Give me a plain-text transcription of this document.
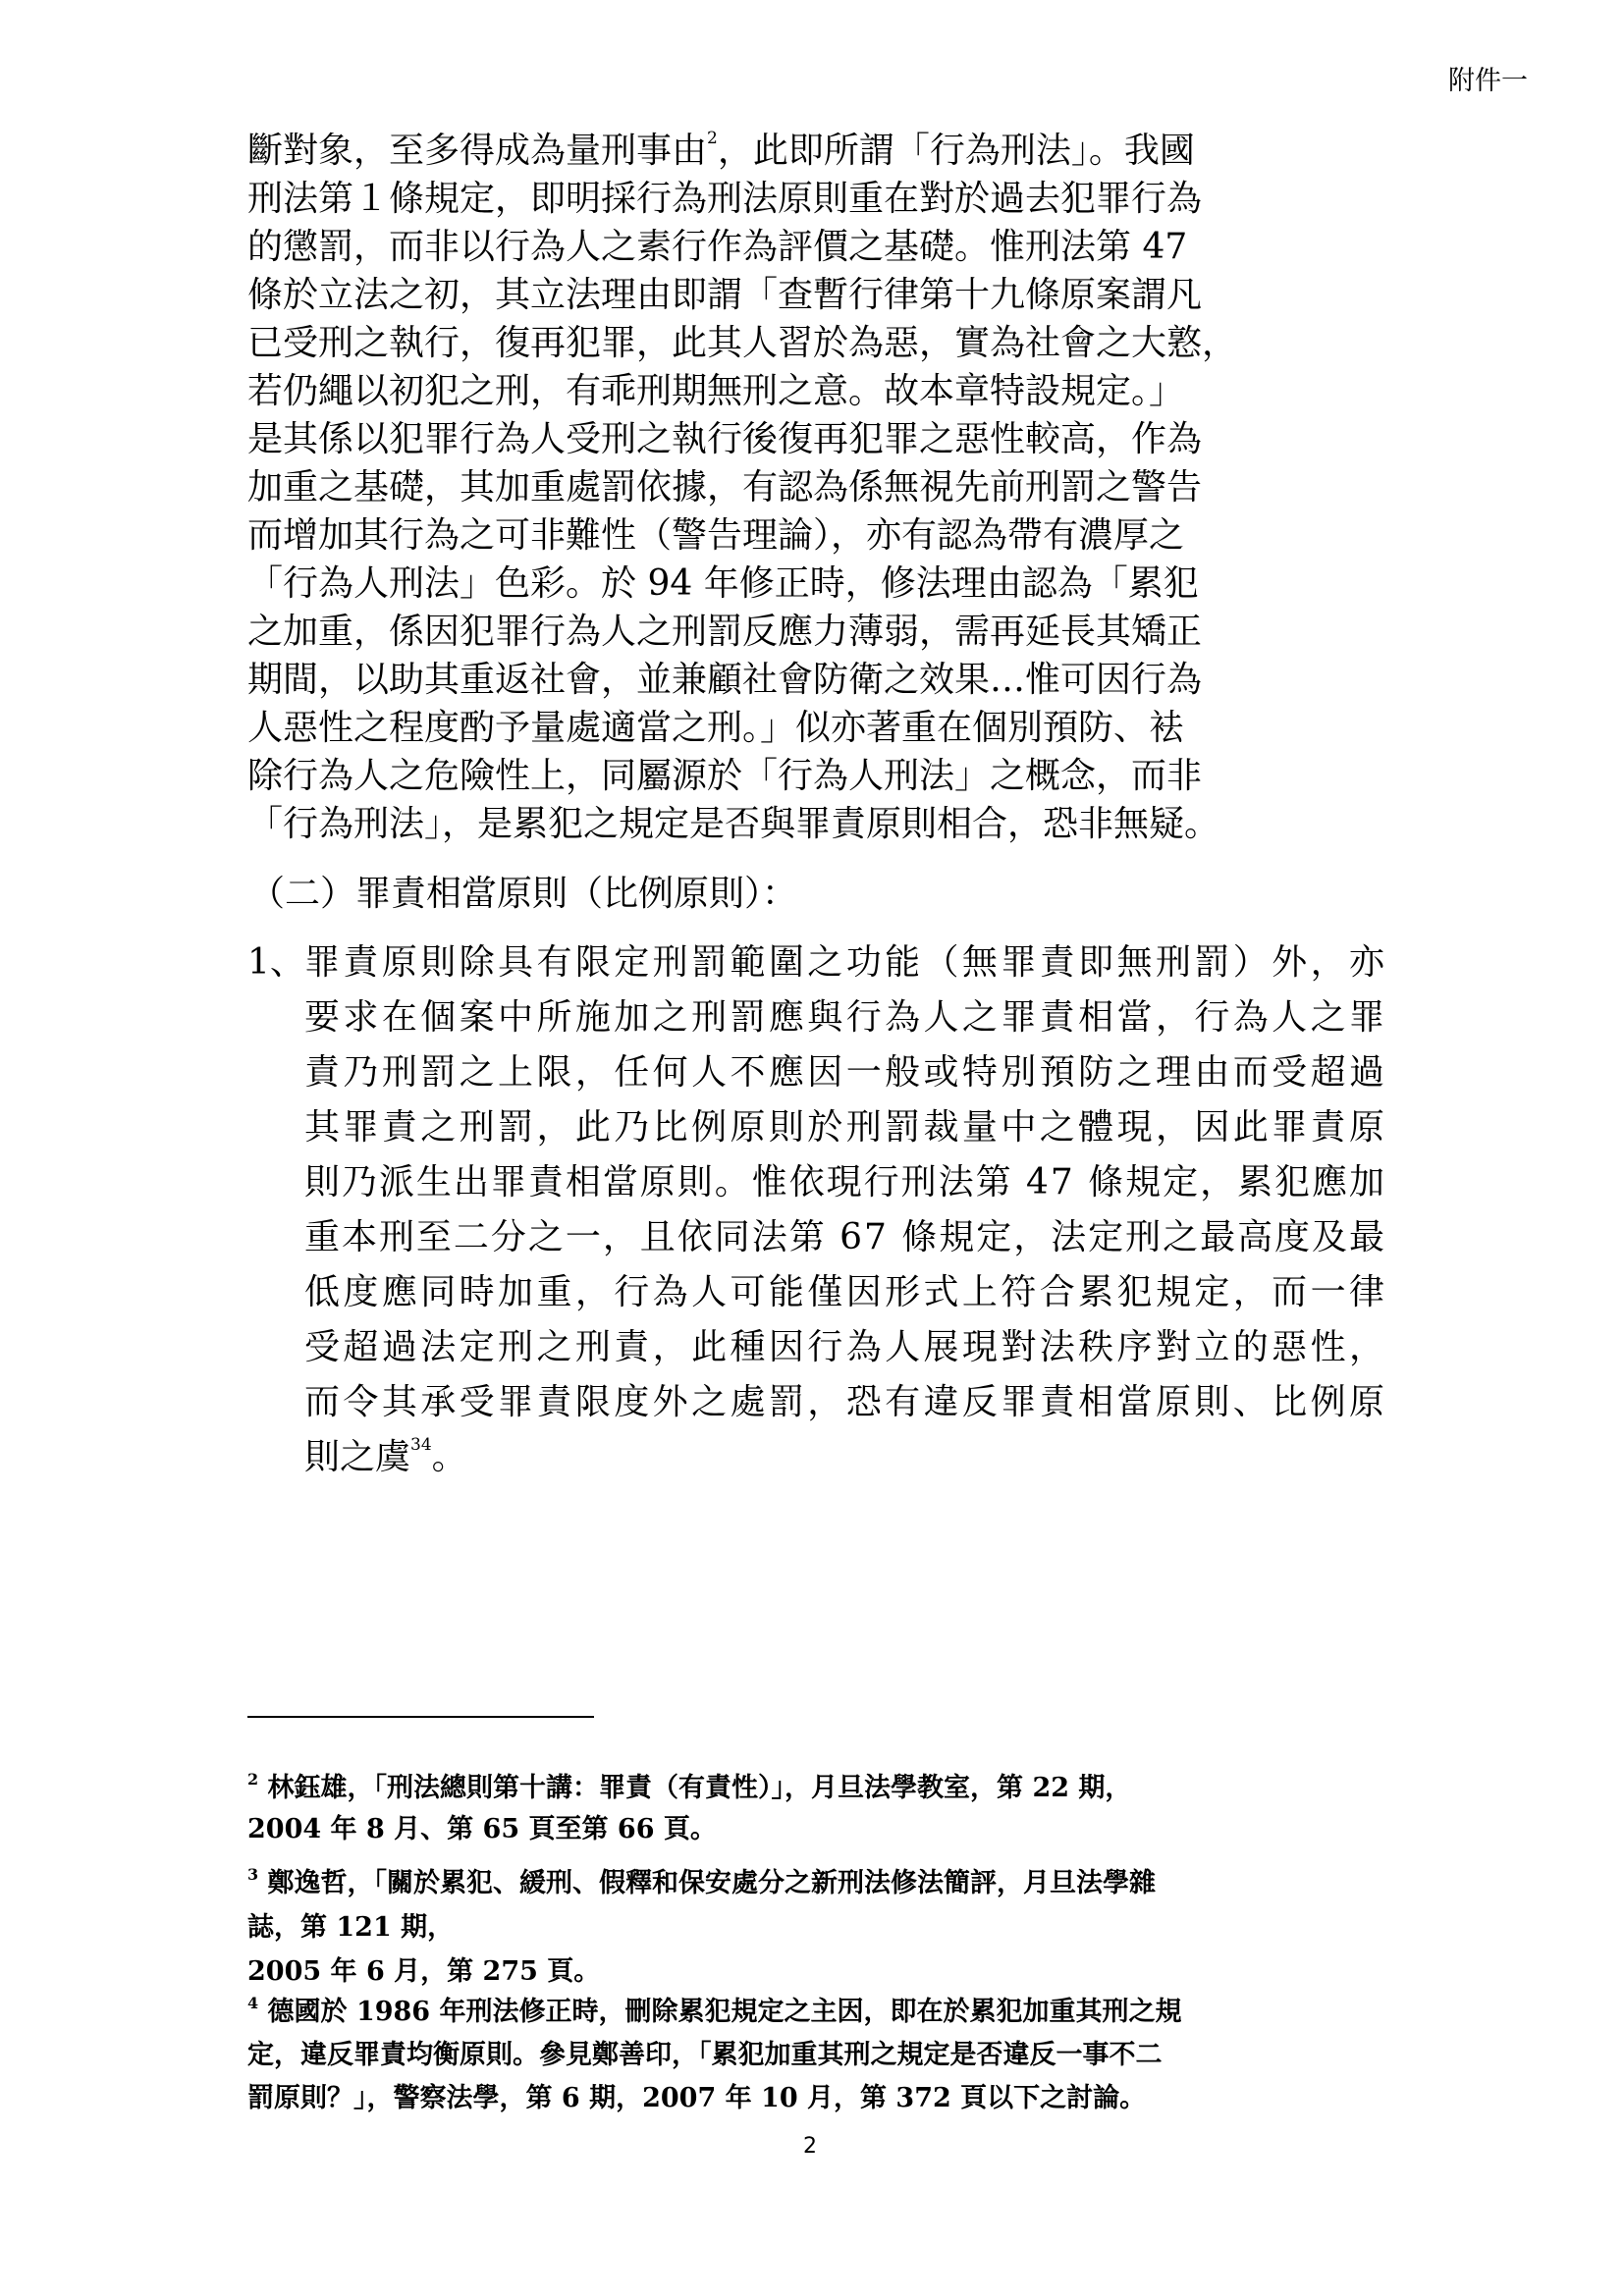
附件一
斷對象，至多得成為量刑事由$^2$，此即所謂「行為刑法」。我國
刑法第１條規定，即明採行為刑法原則重在對於過去犯罪行為
的懲罰，而非以行為人之素行作為評價之基礎。惟刑法第 47
條於立法之初，其立法理由即謂「查暫行律第十九條原案謂凡
已受刑之執行，復再犯罪，此其人習於為惡，實為社會之大憝，
若仍繩以初犯之刑，有乖刑期無刑之意。故本章特設規定。」
是其係以犯罪行為人受刑之執行後復再犯罪之惡性較高，作為
加重之基礎，其加重處罰依據，有認為係無視先前刑罰之警告
而增加其行為之可非難性（警告理論），亦有認為帶有濃厚之
「行為人刑法」色彩。於 94 年修正時，修法理由認為「累犯
之加重，係因犯罪行為人之刑罰反應力薄弱，需再延長其矯正
期間，以助其重返社會，並兼顧社會防衛之效果…惟可因行為
人惡性之程度酌予量處適當之刑。」似亦著重在個別預防、袪
除行為人之危險性上，同屬源於「行為人刑法」之概念，而非
「行為刑法」，是累犯之規定是否與罪責原則相合，恐非無疑。
（二）罪責相當原則（比例原則）：
1、 罪責原則除具有限定刑罰範圍之功能（無罪責即無刑罰）外，亦
要求在個案中所施加之刑罰應與行為人之罪責相當，行為人之罪
責乃刑罰之上限，任何人不應因一般或特別預防之理由而受超過
其罪責之刑罰，此乃比例原則於刑罰裁量中之體現，因此罪責原
則乃派生出罪責相當原則。惟依現行刑法第 47 條規定，累犯應加
重本刑至二分之一，且依同法第 67 條規定，法定刑之最高度及最
低度應同時加重，行為人可能僅因形式上符合累犯規定，而一律
受超過法定刑之刑責，此種因行為人展現對法秩序對立的惡性，
而令其承受罪責限度外之處罰，恐有違反罪責相當原則、比例原
則之虞$^{34}$。
$^2$ 林鈺雄，「刑法總則第十講：罪責（有責性）」，月旦法學教室，第 22 期，
2004 年 8 月、第 65 頁至第 66 頁。
$^3$ 鄭逸哲，「關於累犯、緩刑、假釋和保安處分之新刑法修法簡評，月旦法學雜
誌，第 121 期，
2005 年 6 月，第 275 頁。
$^4$ 德國於 1986 年刑法修正時，刪除累犯規定之主因，即在於累犯加重其刑之規
定，違反罪責均衡原則。參見鄭善印，「累犯加重其刑之規定是否違反一事不二
罰原則？」，警察法學，第 6 期，2007 年 10 月，第 372 頁以下之討論。
2
